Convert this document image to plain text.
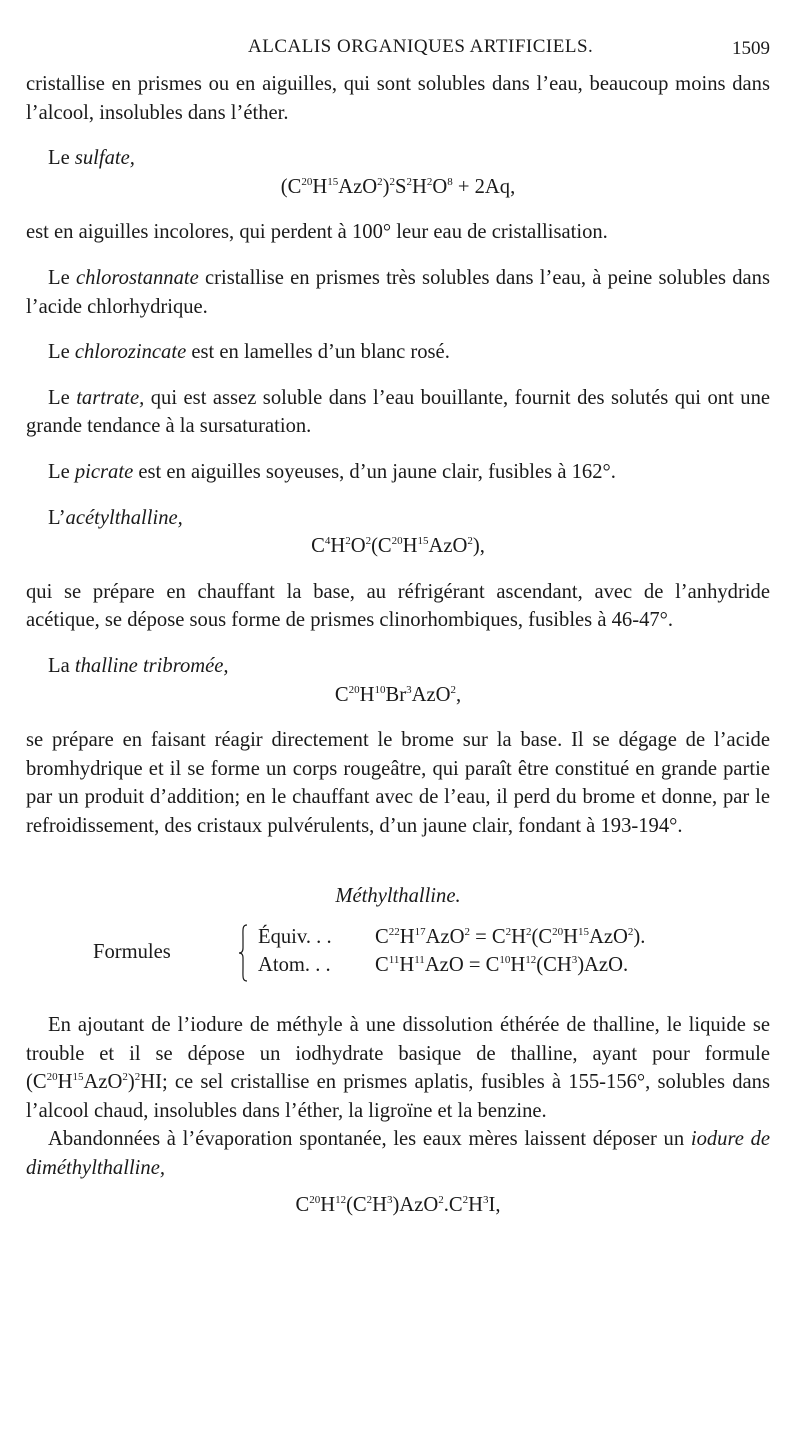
ALCALIS ORGANIQUES ARTIFICIELS.	1509

cristallise en prismes ou en aiguilles, qui sont solubles dans l’eau, beaucoup moins dans l’alcool, insolubles dans l’éther.

Le sulfate,

$(C^{20}H^{15}AzO^2)^2S^2H^2O^8 + 2Aq$,

est en aiguilles incolores, qui perdent à 100° leur eau de cristallisation.

Le chlorostannate cristallise en prismes très solubles dans l’eau, à peine solubles dans l’acide chlorhydrique.

Le chlorozincate est en lamelles d’un blanc rosé.

Le tartrate, qui est assez soluble dans l’eau bouillante, fournit des solutés qui ont une grande tendance à la sursaturation.

Le picrate est en aiguilles soyeuses, d’un jaune clair, fusibles à 162°.

L’acétylthalline,

$C^4H^2O^2(C^{20}H^{15}AzO^2)$,

qui se prépare en chauffant la base, au réfrigérant ascendant, avec de l’anhydride acétique, se dépose sous forme de prismes clinorhombiques, fusibles à 46-47°.

La thalline tribromée,

$C^{20}H^{10}Br^3AzO^2$,

se prépare en faisant réagir directement le brome sur la base. Il se dégage de l’acide bromhydrique et il se forme un corps rougeâtre, qui paraît être constitué en grande partie par un produit d’addition; en le chauffant avec de l’eau, il perd du brome et donne, par le refroidissement, des cristaux pulvérulents, d’un jaune clair, fondant à 193-194°.

Méthylthalline.

Formules
Équiv. . . $C^{22}H^{17}AzO^2 = C^2H^2(C^{20}H^{15}AzO^2)$.
Atom. . . $C^{11}H^{11}AzO = C^{10}H^{12}(CH^3)AzO$.

En ajoutant de l’iodure de méthyle à une dissolution éthérée de thalline, le liquide se trouble et il se dépose un iodhydrate basique de thalline, ayant pour formule $(C^{20}H^{15}AzO^2)^2HI$; ce sel cristallise en prismes aplatis, fusibles à 155-156°, solubles dans l’alcool chaud, insolubles dans l’éther, la ligroïne et la benzine.

Abandonnées à l’évaporation spontanée, les eaux mères laissent déposer un iodure de diméthylthalline,

$C^{20}H^{12}(C^2H^3)AzO^2.C^2H^3I$,
